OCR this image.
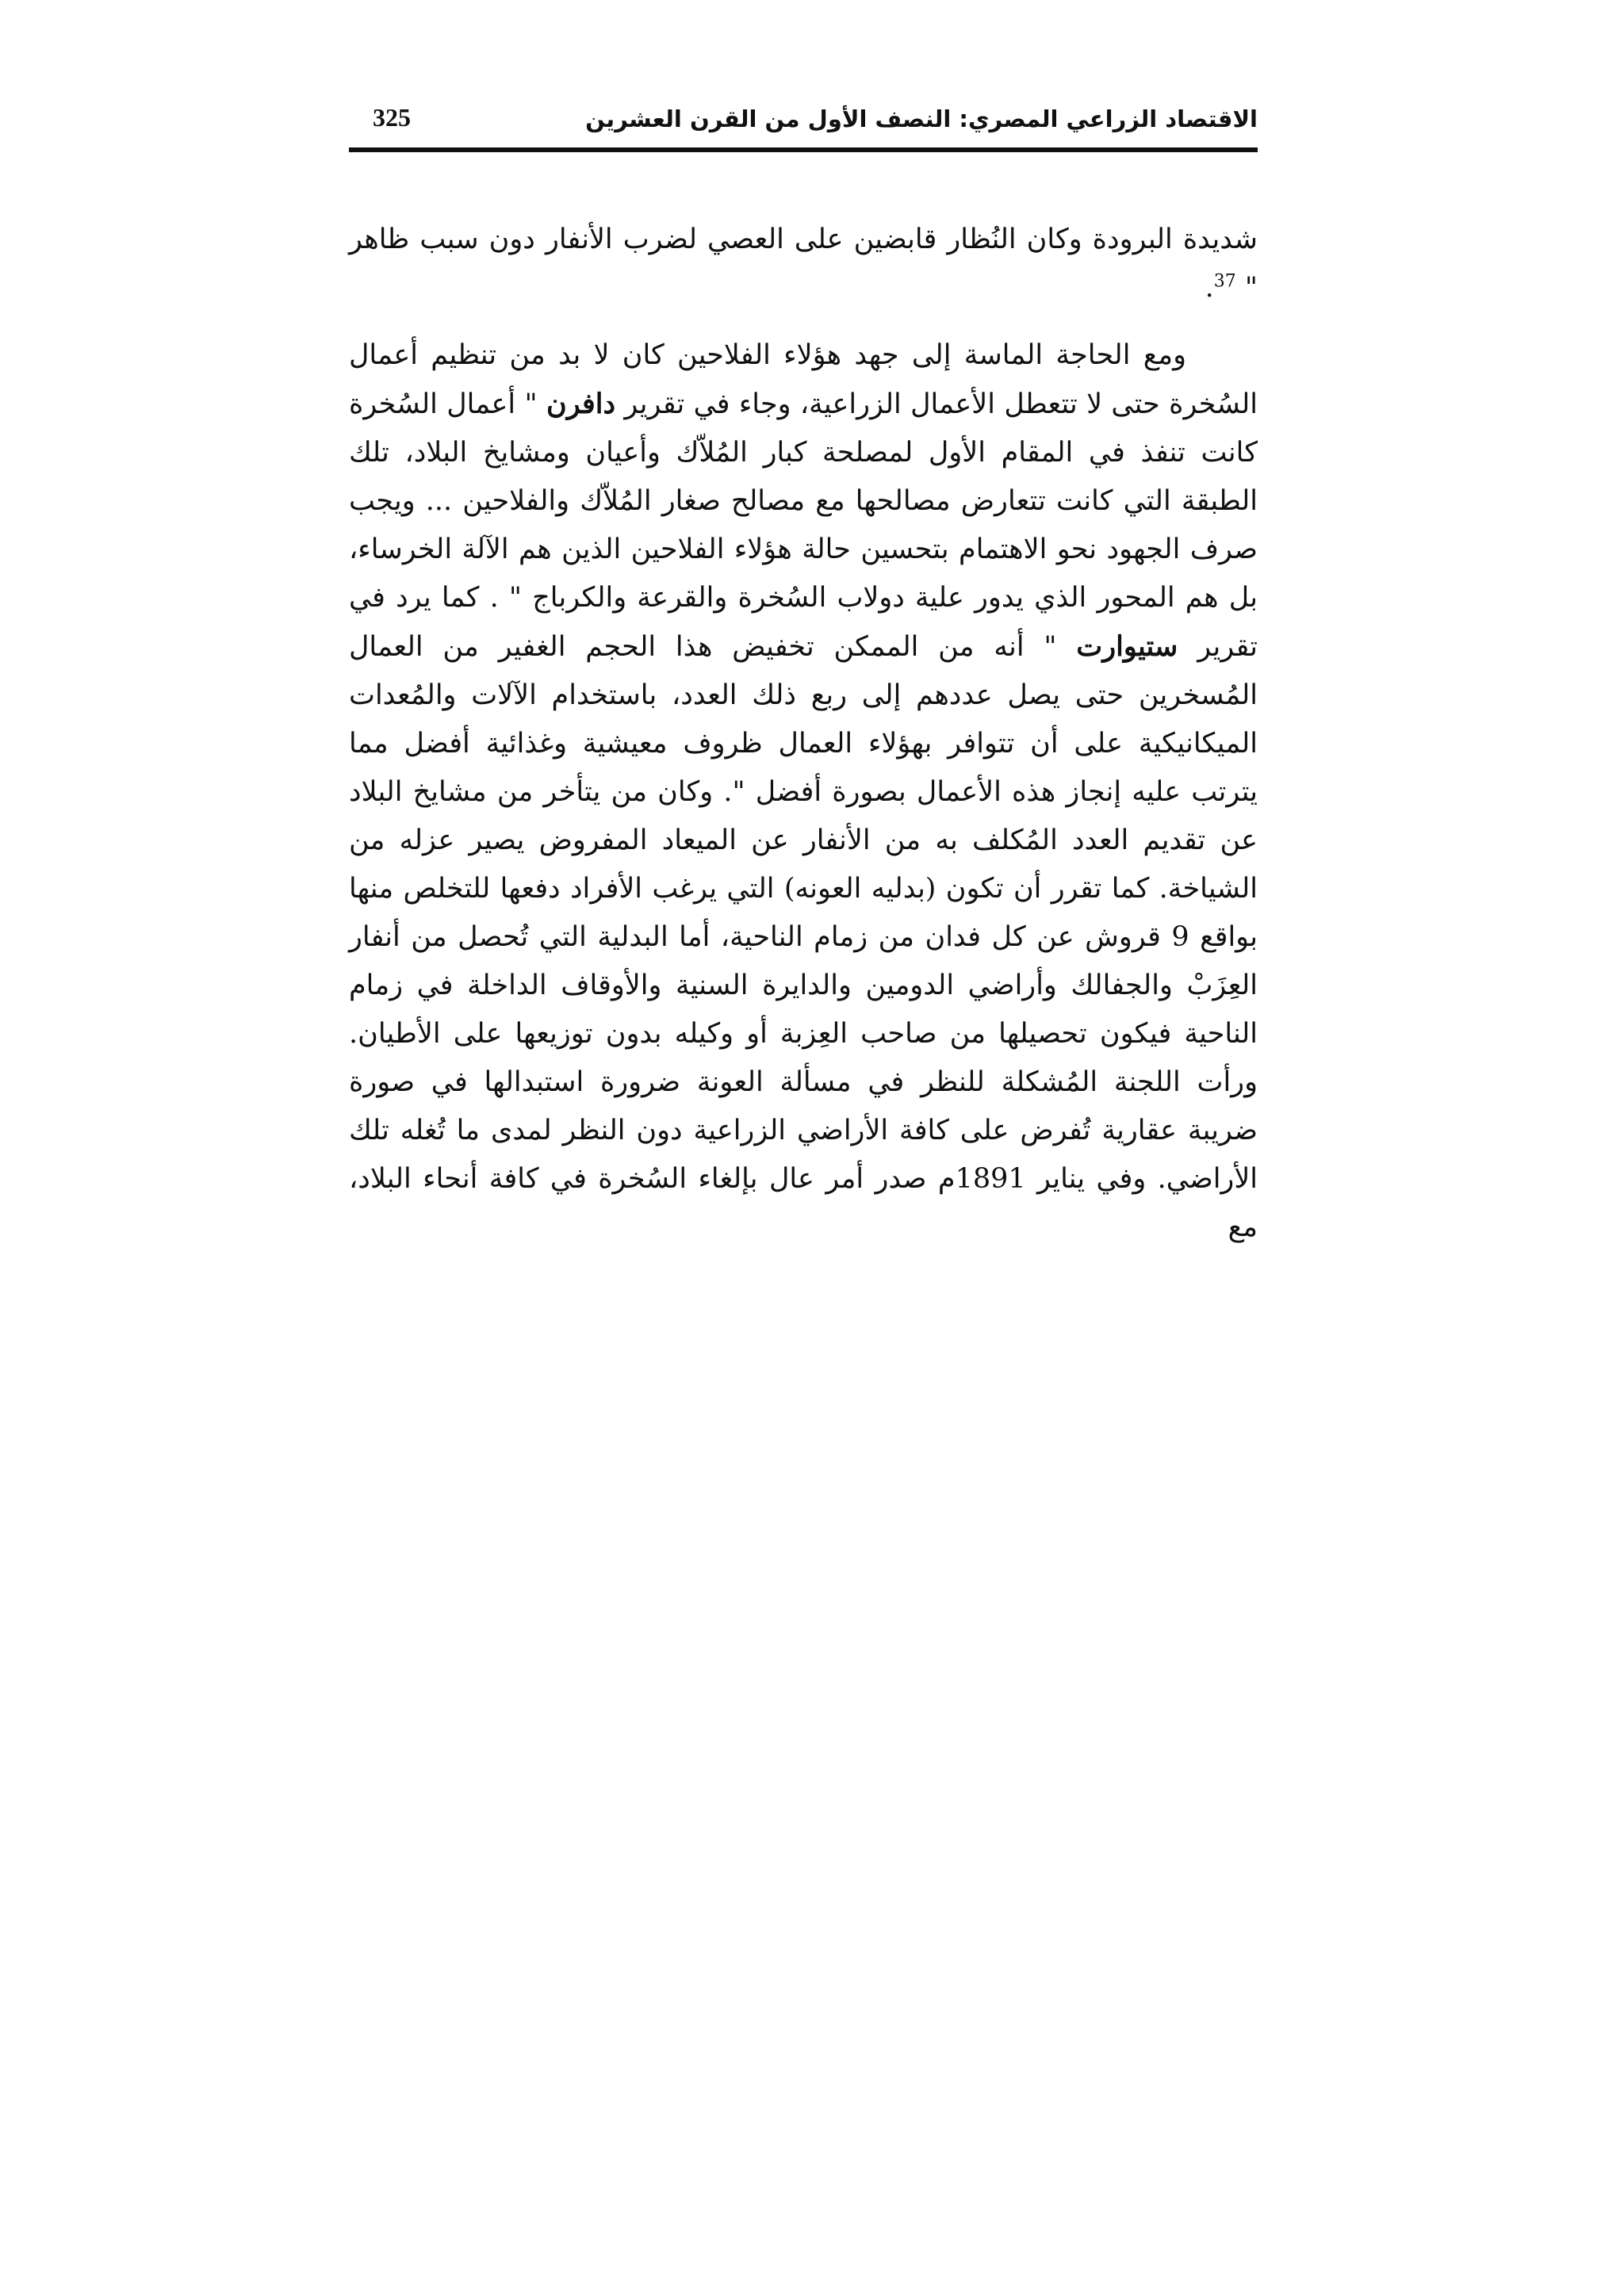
الاقتصاد الزراعي المصري: النصف الأول من القرن العشرين
325
شديدة البرودة وكان النُظار قابضين على العصي لضرب الأنفار دون سبب ظاهر " $^{37}$.
ومع الحاجة الماسة إلى جهد هؤلاء الفلاحين كان لا بد من تنظيم أعمال السُخرة حتى لا تتعطل الأعمال الزراعية، وجاء في تقرير دافرن " أعمال السُخرة كانت تنفذ في المقام الأول لمصلحة كبار المُلاّك وأعيان ومشايخ البلاد، تلك الطبقة التي كانت تتعارض مصالحها مع مصالح صغار المُلاّك والفلاحين ... ويجب صرف الجهود نحو الاهتمام بتحسين حالة هؤلاء الفلاحين الذين هم الآلة الخرساء، بل هم المحور الذي يدور علية دولاب السُخرة والقرعة والكرباج " . كما يرد في تقرير ستيوارت " أنه من الممكن تخفيض هذا الحجم الغفير من العمال المُسخرين حتى يصل عددهم إلى ربع ذلك العدد، باستخدام الآلات والمُعدات الميكانيكية على أن تتوافر بهؤلاء العمال ظروف معيشية وغذائية أفضل مما يترتب عليه إنجاز هذه الأعمال بصورة أفضل ". وكان من يتأخر من مشايخ البلاد عن تقديم العدد المُكلف به من الأنفار عن الميعاد المفروض يصير عزله من الشياخة. كما تقرر أن تكون (بدليه العونه) التي يرغب الأفراد دفعها للتخلص منها بواقع 9 قروش عن كل فدان من زمام الناحية، أما البدلية التي تُحصل من أنفار العِزَبْ والجفالك وأراضي الدومين والدايرة السنية والأوقاف الداخلة في زمام الناحية فيكون تحصيلها من صاحب العِزبة أو وكيله بدون توزيعها على الأطيان. ورأت اللجنة المُشكلة للنظر في مسألة العونة ضرورة استبدالها في صورة ضريبة عقارية تُفرض على كافة الأراضي الزراعية دون النظر لمدى ما تُغله تلك الأراضي. وفي يناير 1891م صدر أمر عال بإلغاء السُخرة في كافة أنحاء البلاد، مع
